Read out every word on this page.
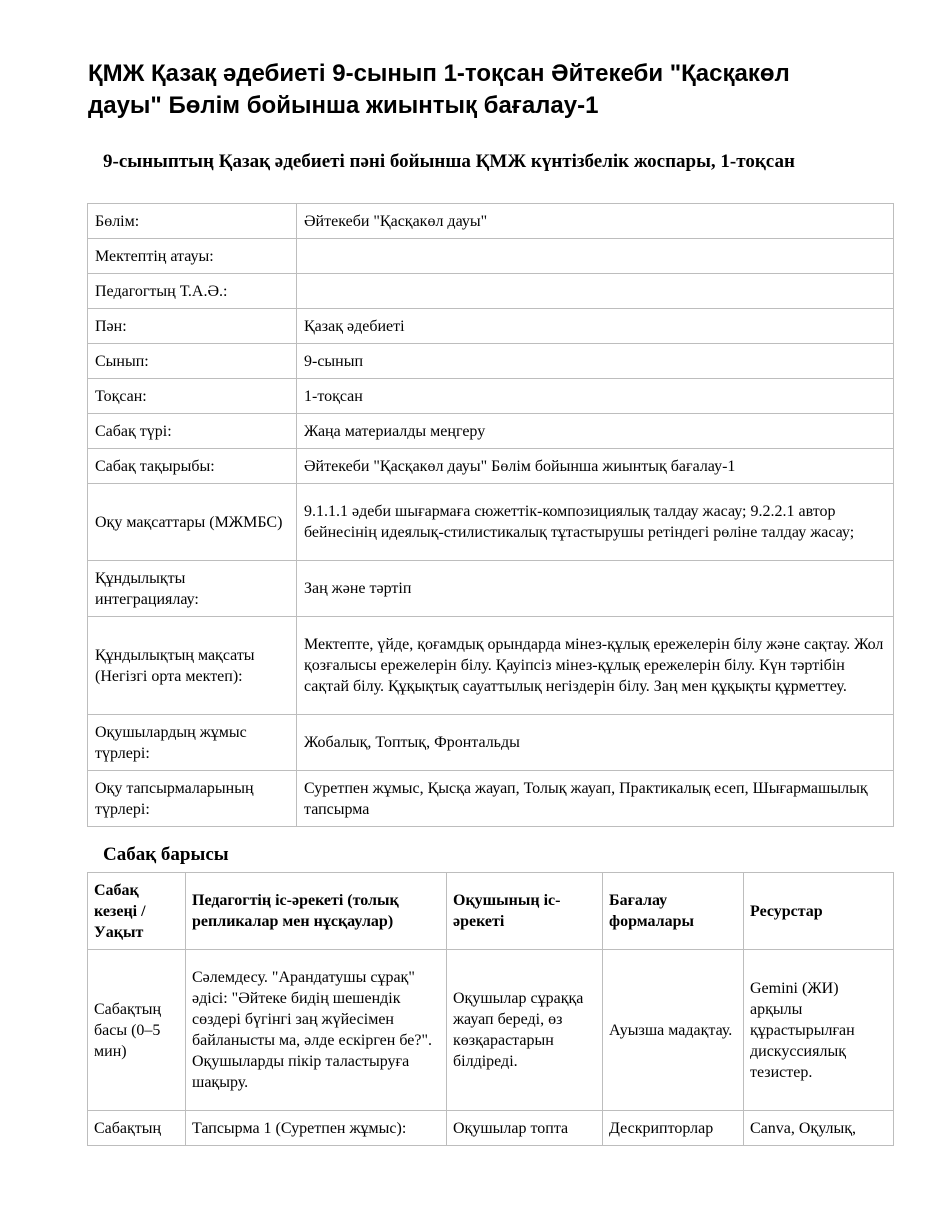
ҚМЖ Қазақ әдебиеті 9-сынып 1-тоқсан Әйтекеби "Қасқакөл дауы" Бөлім бойынша жиынтық бағалау-1
9-сыныптың Қазақ әдебиеті пәні бойынша ҚМЖ күнтізбелік жоспары, 1-тоқсан
Бөлім:	Әйтекеби "Қасқакөл дауы"
Мектептің атауы:	
Педагогтың Т.А.Ә.:	
Пән:	Қазақ әдебиеті
Сынып:	9-сынып
Тоқсан:	1-тоқсан
Сабақ түрі:	Жаңа материалды меңгеру
Сабақ тақырыбы:	Әйтекеби "Қасқакөл дауы" Бөлім бойынша жиынтық бағалау-1
Оқу мақсаттары (МЖМБС)	9.1.1.1 әдеби шығармаға сюжеттік-композициялық талдау жасау; 9.2.2.1 автор бейнесінің идеялық-стилистикалық тұтастырушы ретіндегі рөліне талдау жасау;
Құндылықты интеграциялау:	Заң және тәртіп
Құндылықтың мақсаты (Негізгі орта мектеп):	Мектепте, үйде, қоғамдық орындарда мінез-құлық ережелерін білу және сақтау. Жол қозғалысы ережелерін білу. Қауіпсіз мінез-құлық ережелерін білу. Күн тәртібін сақтай білу. Құқықтық сауаттылық негіздерін білу. Заң мен құқықты құрметтеу.
Оқушылардың жұмыс түрлері:	Жобалық, Топтық, Фронтальды
Оқу тапсырмаларының түрлері:	Суретпен жұмыс, Қысқа жауап, Толық жауап, Практикалық есеп, Шығармашылық тапсырма
Сабақ барысы
Сабақ кезеңі / Уақыт	Педагогтің іс-әрекеті (толық репликалар мен нұсқаулар)	Оқушының іс-әрекеті	Бағалау формалары	Ресурстар
Сабақтың басы (0–5 мин)	Сәлемдесу. "Арандатушы сұрақ" әдісі: "Әйтеке бидің шешендік сөздері бүгінгі заң жүйесімен байланысты ма, әлде ескірген бе?". Оқушыларды пікір таластыруға шақыру.	Оқушылар сұраққа жауап береді, өз көзқарастарын білдіреді.	Ауызша мадақтау.	Gemini (ЖИ) арқылы құрастырылған дискуссиялық тезистер.
Сабақтың	Тапсырма 1 (Суретпен жұмыс):	Оқушылар топта	Дескрипторлар	Canva, Оқулық,
